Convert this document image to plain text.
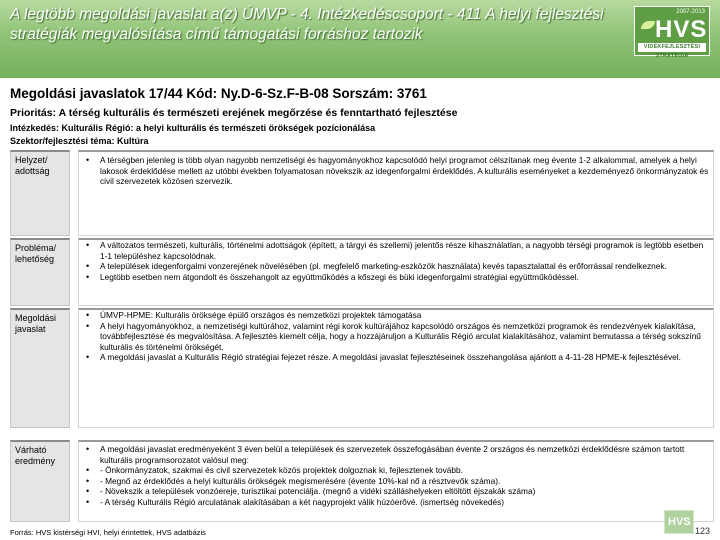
A legtöbb megoldási javaslat a(z) ÚMVP - 4. Intézkedéscsoport - 411 A helyi fejlesztési stratégiák megvalósítása című támogatási forráshoz tartozik
2007-2013
HVS
VIDÉKFEJLESZTÉSI STRATÉGIA
Megoldási javaslatok 17/44 Kód: Ny.D-6-Sz.F-B-08 Sorszám: 3761
Prioritás: A térség kulturális és természeti erejének megőrzése és fenntartható fejlesztése
Intézkedés: Kulturális Régió: a helyi kulturális és természeti örökségek pozícionálása
Szektor/fejlesztési téma: Kultúra
Helyzet/ adottság
• A térségben jelenleg is több olyan nagyobb nemzetiségi és hagyományokhoz kapcsolódó helyi programot célszítanak meg évente 1-2 alkalommal, amelyek a helyi lakosok érdeklődése mellett az utóbbi években folyamatosan növekszik az idegenforgalmi érdeklődés. A kulturális eseményeket a kezdeményező önkormányzatok és civil szervezetek közösen szervezik.
Probléma/ lehetőség
• A változatos természeti, kulturális, történelmi adottságok (épített, a tárgyi és szellemi) jelentős része kihasználatlan, a nagyobb térségi programok is legtöbb esetben 1-1 településhez kapcsolódnak.
• A települések idegenforgalmi vonzerejének növelésében (pl. megfelelő marketing-eszközök használata) kevés tapasztalattal és erőforrással rendelkeznek.
• Legtöbb esetben nem átgondolt és összehangolt az együttműködés a kőszegi és büki idegenforgalmi stratégiai együttműködéssel.
Megoldási javaslat
• ÚMVP-HPME: Kulturális öröksége épülő országos és nemzetközi projektek támogatása
• A helyi hagyományokhoz, a nemzetiségi kultúrához, valamint régi korok kultúrájához kapcsolódó országos és nemzetközi programok és rendezvények kialakítása, továbbfejlesztése és megvalósítása. A fejlesztés kiemelt célja, hogy a hozzájáruljon a Kulturális Régió arculat kialakításához, valamint bemutassa a térség sokszínű kulturális és történelmi örökségét.
• A megoldási javaslat a Kulturális Régió stratégiai fejezet része. A megoldási javaslat fejlesztéseinek összehangolása ajánlott a 4-11-28 HPME-k fejlesztésével.
Várható eredmény
• A megoldási javaslat eredményeként 3 éven belül a települések és szervezetek összefogásában évente 2 országos és nemzetközi érdeklődésre számon tartott kulturális programsorozatot valósul meg:
• - Önkormányzatok, szakmai és civil szervezetek közös projektek dolgoznak ki, fejlesztenek tovább.
• - Megnő az érdeklődés a helyi kulturális örökségek megismerésére (évente 10%-kal nő a résztvevők száma).
• - Növekszik a települések vonzóereje, turisztikai potenciálja. (megnő a vidéki szálláshelyeken eltöltött éjszakák száma)
• - A térség Kulturális Régió arculatának alakításában a két nagyprojekt válik húzóerővé. (ismertség növekedés)
Forrás: HVS kistérségi HVI, helyi érintettek, HVS adatbázis
HVS
123
